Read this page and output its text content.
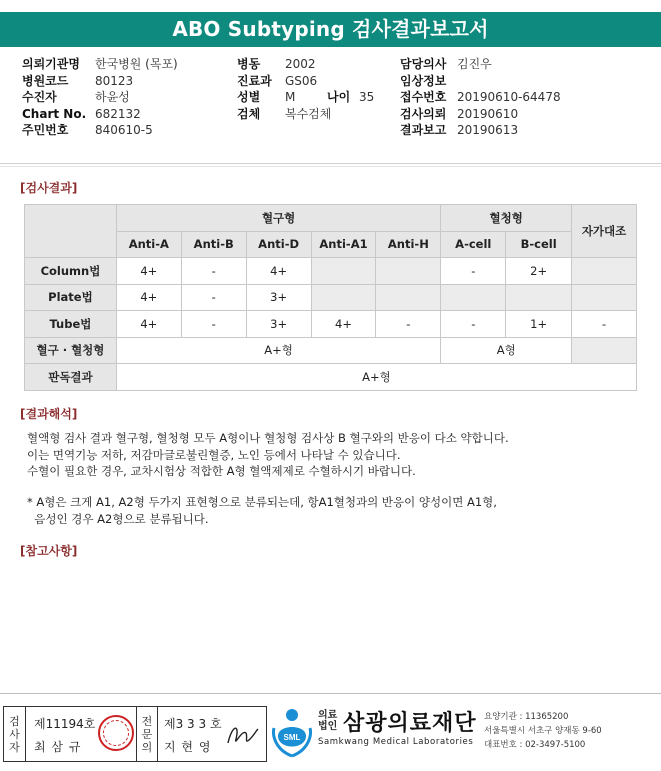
ABO Subtyping 검사결과보고서
의뢰기관명	한국병원 (목포)
병원코드	80123
수진자	하윤성
Chart No. 682132
주민번호	840610-5
병동	2002
진료과	GS06
성별	M	나이 35
검체	복수검체
담당의사 김진우
임상정보
접수번호 20190610-64478
검사의뢰 20190610
결과보고 20190613
[검사결과]
	혈구형					혈청형		자가대조
	Anti-A	Anti-B	Anti-D	Anti-A1	Anti-H	A-cell	B-cell	
Column법	4+	-	4+			-	2+	
Plate법	4+	-	3+					
Tube법	4+	-	3+	4+	-	-	1+	-
혈구 · 혈청형	A+형					A형		
판독결과	A+형							
[결과해석]
혈액형 검사 결과 혈구형, 혈청형 모두 A형이나 혈청형 검사상 B 혈구와의 반응이 다소 약합니다.
이는 면역기능 저하, 저감마글로불린혈증, 노인 등에서 나타날 수 있습니다.
수혈이 필요한 경우, 교차시험상 적합한 A형 혈액제제로 수혈하시기 바랍니다.
* A형은 크게 A1, A2형 두가지 표현형으로 분류되는데, 항A1혈청과의 반응이 양성이면 A1형,
음성인 경우 A2형으로 분류됩니다.
[참고사항]
검
사
자
제11194호
최 삼 규
전
문
의
제3 3 3 호
지 현 영
SML
의료
법인 삼광의료재단
Samkwang Medical Laboratories
요양기관 : 11365200
서울특별시 서초구 양재동 9-60
대표번호 : 02-3497-5100
